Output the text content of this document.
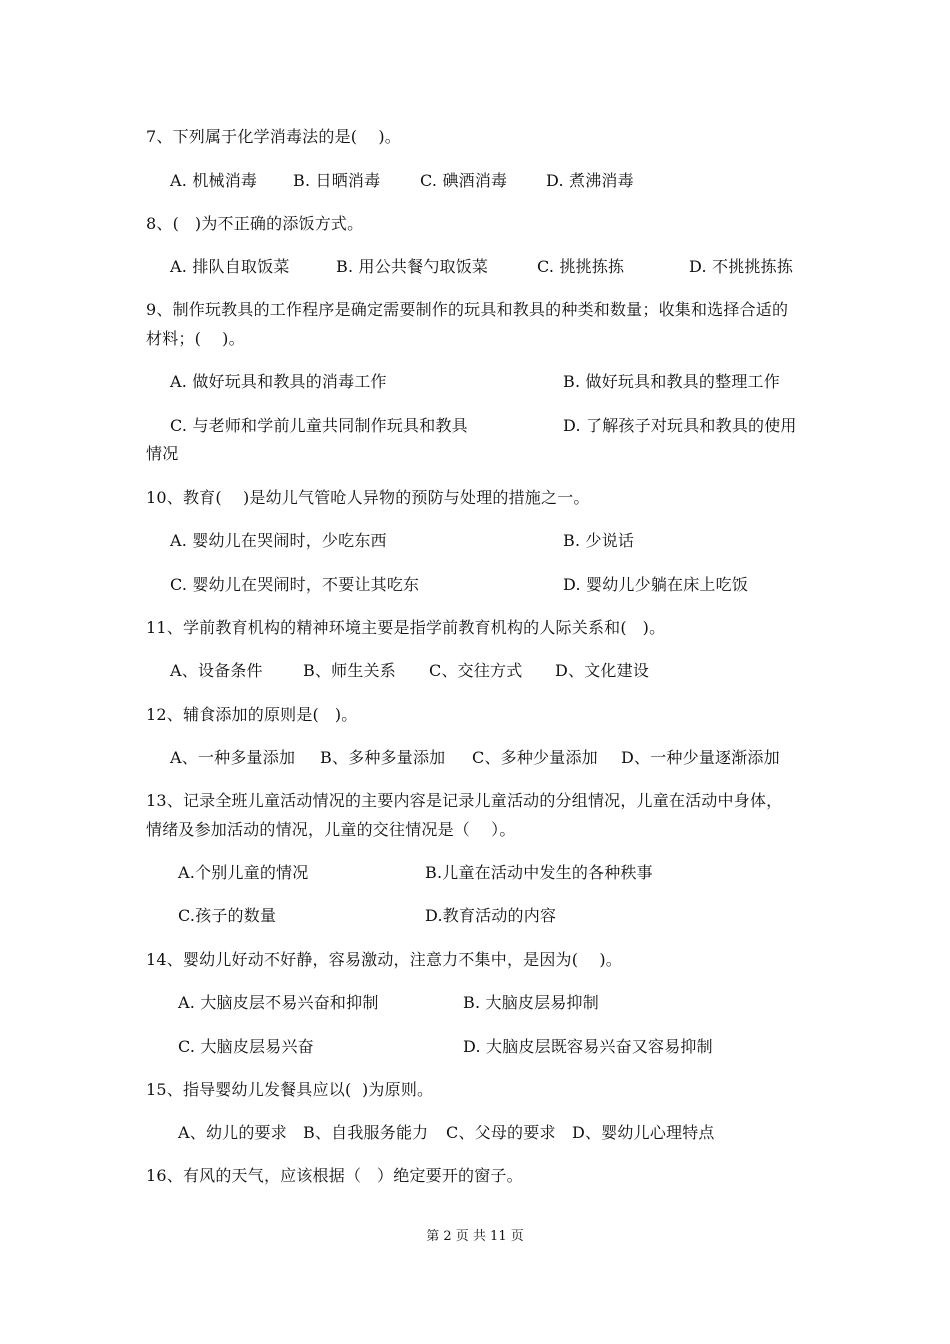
7、下列属于化学消毒法的是(    )。
A. 机械消毒 B. 日晒消毒 C. 碘酒消毒 D. 煮沸消毒
8、(   )为不正确的添饭方式。
A. 排队自取饭菜	B. 用公共餐勺取饭菜	C. 挑挑拣拣	D. 不挑挑拣拣
9、制作玩教具的工作程序是确定需要制作的玩具和教具的种类和数量；收集和选择合适的
材料；(    )。
A. 做好玩具和教具的消毒工作	B. 做好玩具和教具的整理工作
C. 与老师和学前儿童共同制作玩具和教具	D. 了解孩子对玩具和教具的使用
情况
10、教育(    )是幼儿气管呛人异物的预防与处理的措施之一。
A. 婴幼儿在哭闹时，少吃东西	B. 少说话
C. 婴幼儿在哭闹时，不要让其吃东	D. 婴幼儿少躺在床上吃饭
11、学前教育机构的精神环境主要是指学前教育机构的人际关系和(   )。
A、设备条件	B、师生关系 C、交往方式 D、文化建设
12、辅食添加的原则是(   )。
A、一种多量添加 B、多种多量添加 C、多种少量添加 D、一种少量逐渐添加
13、记录全班儿童活动情况的主要内容是记录儿童活动的分组情况，儿童在活动中身体，
情绪及参加活动的情况，儿童的交往情况是（    ）。
A.个别儿童的情况	B.儿童在活动中发生的各种秩事
C.孩子的数量	D.教育活动的内容
14、婴幼儿好动不好静，容易激动，注意力不集中，是因为(    )。
A. 大脑皮层不易兴奋和抑制	B. 大脑皮层易抑制
C. 大脑皮层易兴奋	D. 大脑皮层既容易兴奋又容易抑制
15、指导婴幼儿发餐具应以(  )为原则。
A、幼儿的要求 B、自我服务能力 C、父母的要求 D、婴幼儿心理特点
16、有风的天气，应该根据（   ）绝定要开的窗子。
第 2 页 共 11 页
